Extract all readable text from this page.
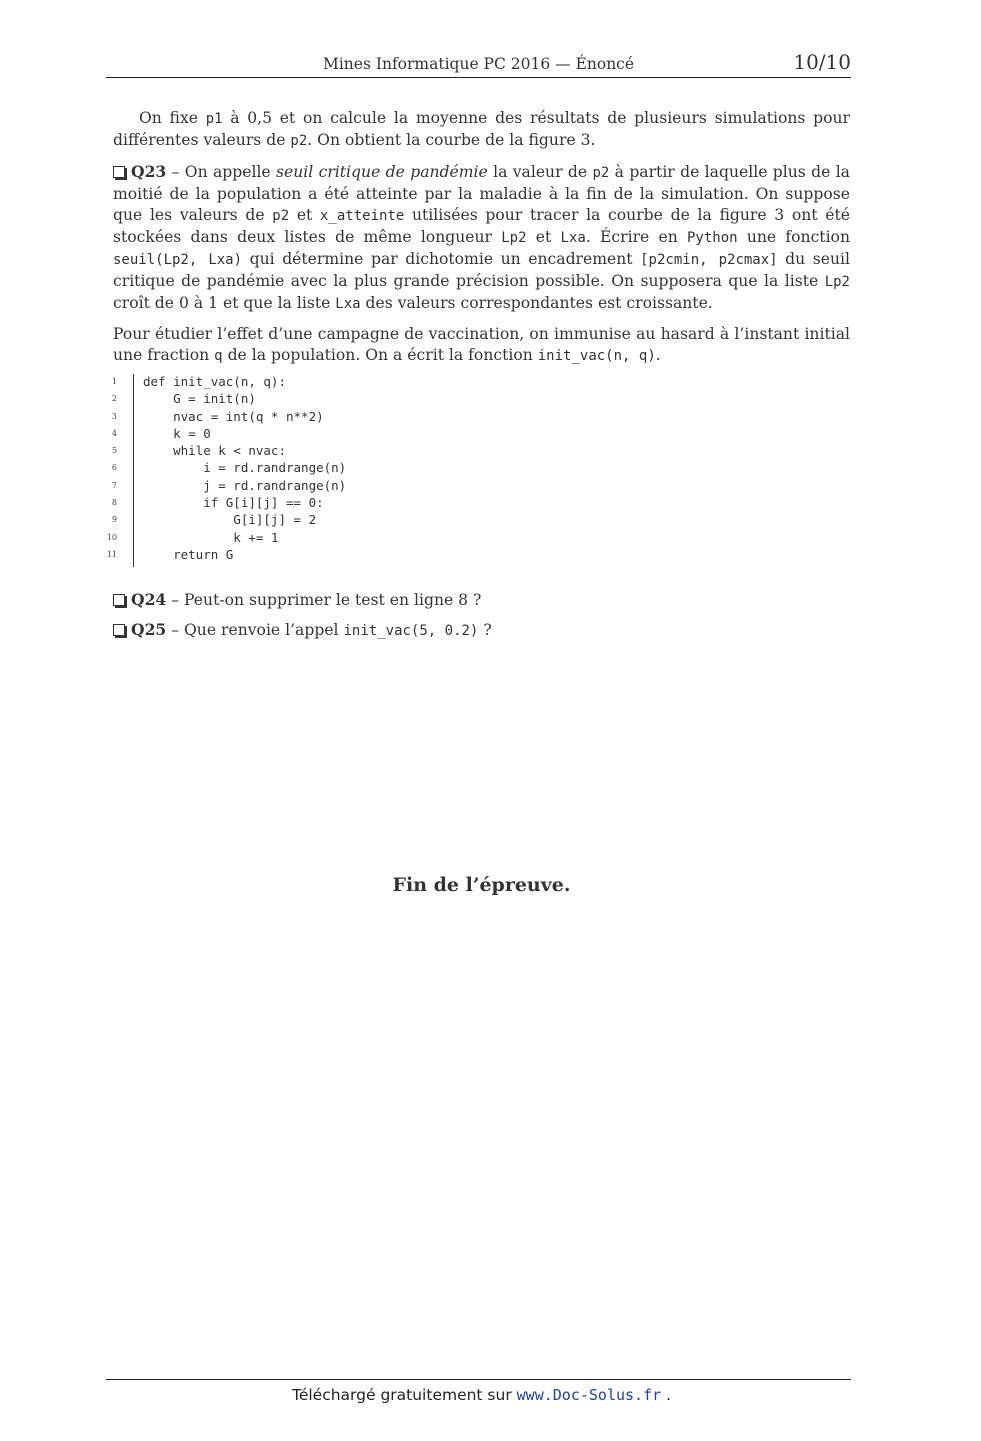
Mines Informatique PC 2016 — Énoncé	10/10

On fixe p1 à 0,5 et on calcule la moyenne des résultats de plusieurs simulations pour différentes valeurs de p2. On obtient la courbe de la figure 3.

Q23 – On appelle seuil critique de pandémie la valeur de p2 à partir de laquelle plus de la moitié de la population a été atteinte par la maladie à la fin de la simulation. On suppose que les valeurs de p2 et x_atteinte utilisées pour tracer la courbe de la figure 3 ont été stockées dans deux listes de même longueur Lp2 et Lxa. Écrire en Python une fonction seuil(Lp2, Lxa) qui détermine par dichotomie un encadrement [p2cmin, p2cmax] du seuil critique de pandémie avec la plus grande précision possible. On supposera que la liste Lp2 croît de 0 à 1 et que la liste Lxa des valeurs correspondantes est croissante.

Pour étudier l’effet d’une campagne de vaccination, on immunise au hasard à l’instant initial une fraction q de la population. On a écrit la fonction init_vac(n, q).

1 def init_vac(n, q):
2 G = init(n)
3 nvac = int(q * n**2)
4 k = 0
5 while k < nvac:
6 i = rd.randrange(n)
7 j = rd.randrange(n)
8 if G[i][j] == 0:
9 G[i][j] = 2
10 k += 1
11 return G
Q24 – Peut-on supprimer le test en ligne 8 ?
Q25 – Que renvoie l’appel init_vac(5, 0.2) ?
Fin de l’épreuve.
Téléchargé gratuitement sur www.Doc-Solus.fr .
